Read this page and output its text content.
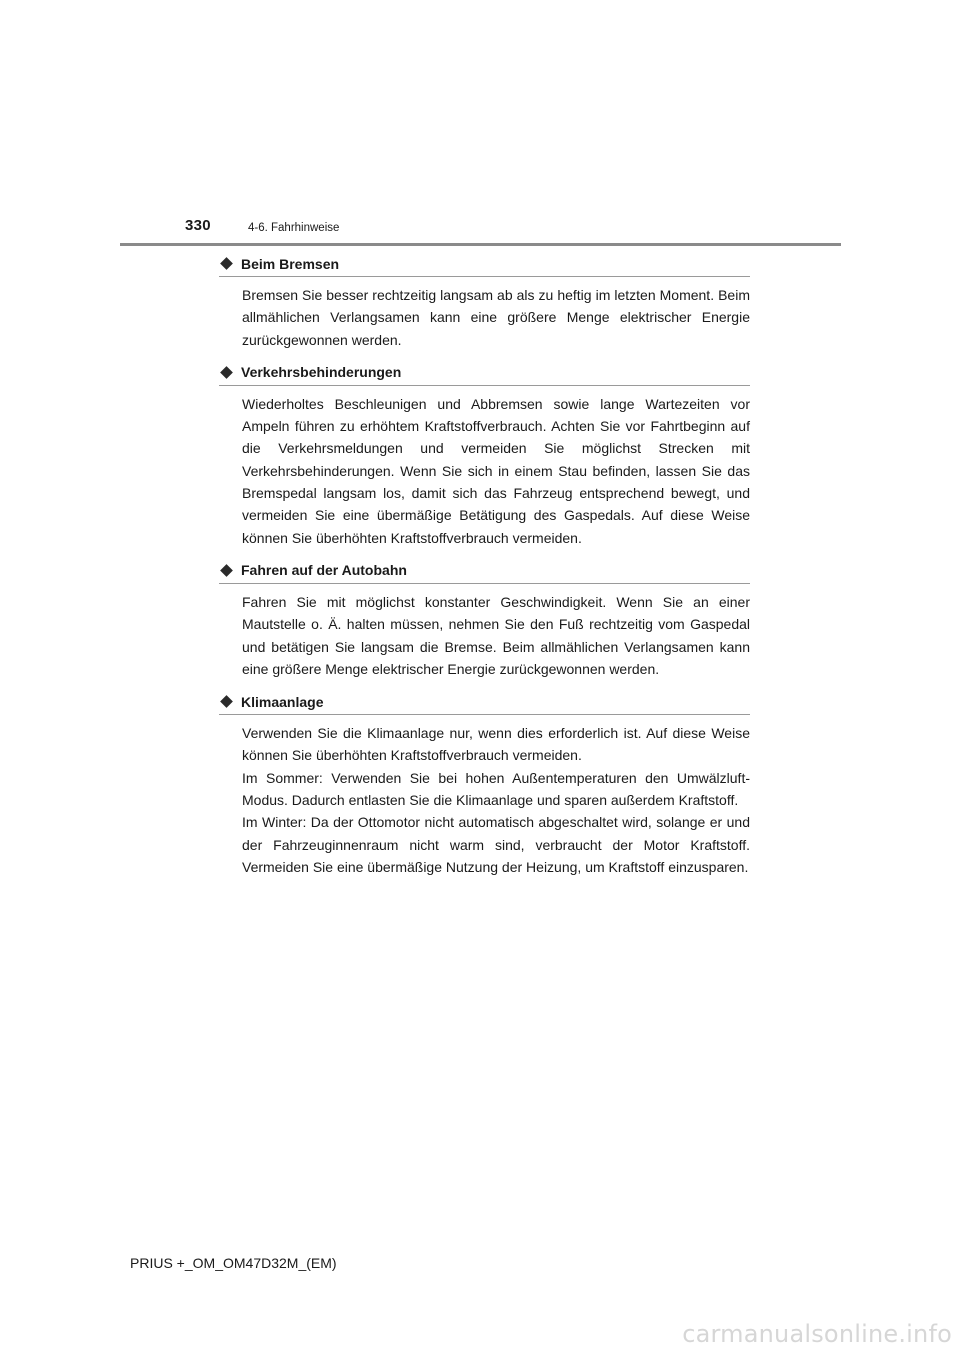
330	4-6. Fahrhinweise
Beim Bremsen

Bremsen Sie besser rechtzeitig langsam ab als zu heftig im letzten Moment. Beim allmählichen Verlangsamen kann eine größere Menge elektrischer Energie zurückgewonnen werden.

Verkehrsbehinderungen

Wiederholtes Beschleunigen und Abbremsen sowie lange Wartezeiten vor Ampeln führen zu erhöhtem Kraftstoffverbrauch. Achten Sie vor Fahrtbeginn auf die Verkehrsmeldungen und vermeiden Sie möglichst Strecken mit Verkehrsbehinderungen. Wenn Sie sich in einem Stau befinden, lassen Sie das Bremspedal langsam los, damit sich das Fahrzeug entsprechend bewegt, und vermeiden Sie eine übermäßige Betätigung des Gaspedals. Auf diese Weise können Sie überhöhten Kraftstoffverbrauch vermeiden.

Fahren auf der Autobahn

Fahren Sie mit möglichst konstanter Geschwindigkeit. Wenn Sie an einer Mautstelle o. Ä. halten müssen, nehmen Sie den Fuß rechtzeitig vom Gaspedal und betätigen Sie langsam die Bremse. Beim allmählichen Verlangsamen kann eine größere Menge elektrischer Energie zurückgewonnen werden.

Klimaanlage

Verwenden Sie die Klimaanlage nur, wenn dies erforderlich ist. Auf diese Weise können Sie überhöhten Kraftstoffverbrauch vermeiden.

Im Sommer: Verwenden Sie bei hohen Außentemperaturen den Umwälzluft-Modus. Dadurch entlasten Sie die Klimaanlage und sparen außerdem Kraftstoff.

Im Winter: Da der Ottomotor nicht automatisch abgeschaltet wird, solange er und der Fahrzeuginnenraum nicht warm sind, verbraucht der Motor Kraftstoff. Vermeiden Sie eine übermäßige Nutzung der Heizung, um Kraftstoff einzusparen.

PRIUS +_OM_OM47D32M_(EM)
carmanualsonline.info
